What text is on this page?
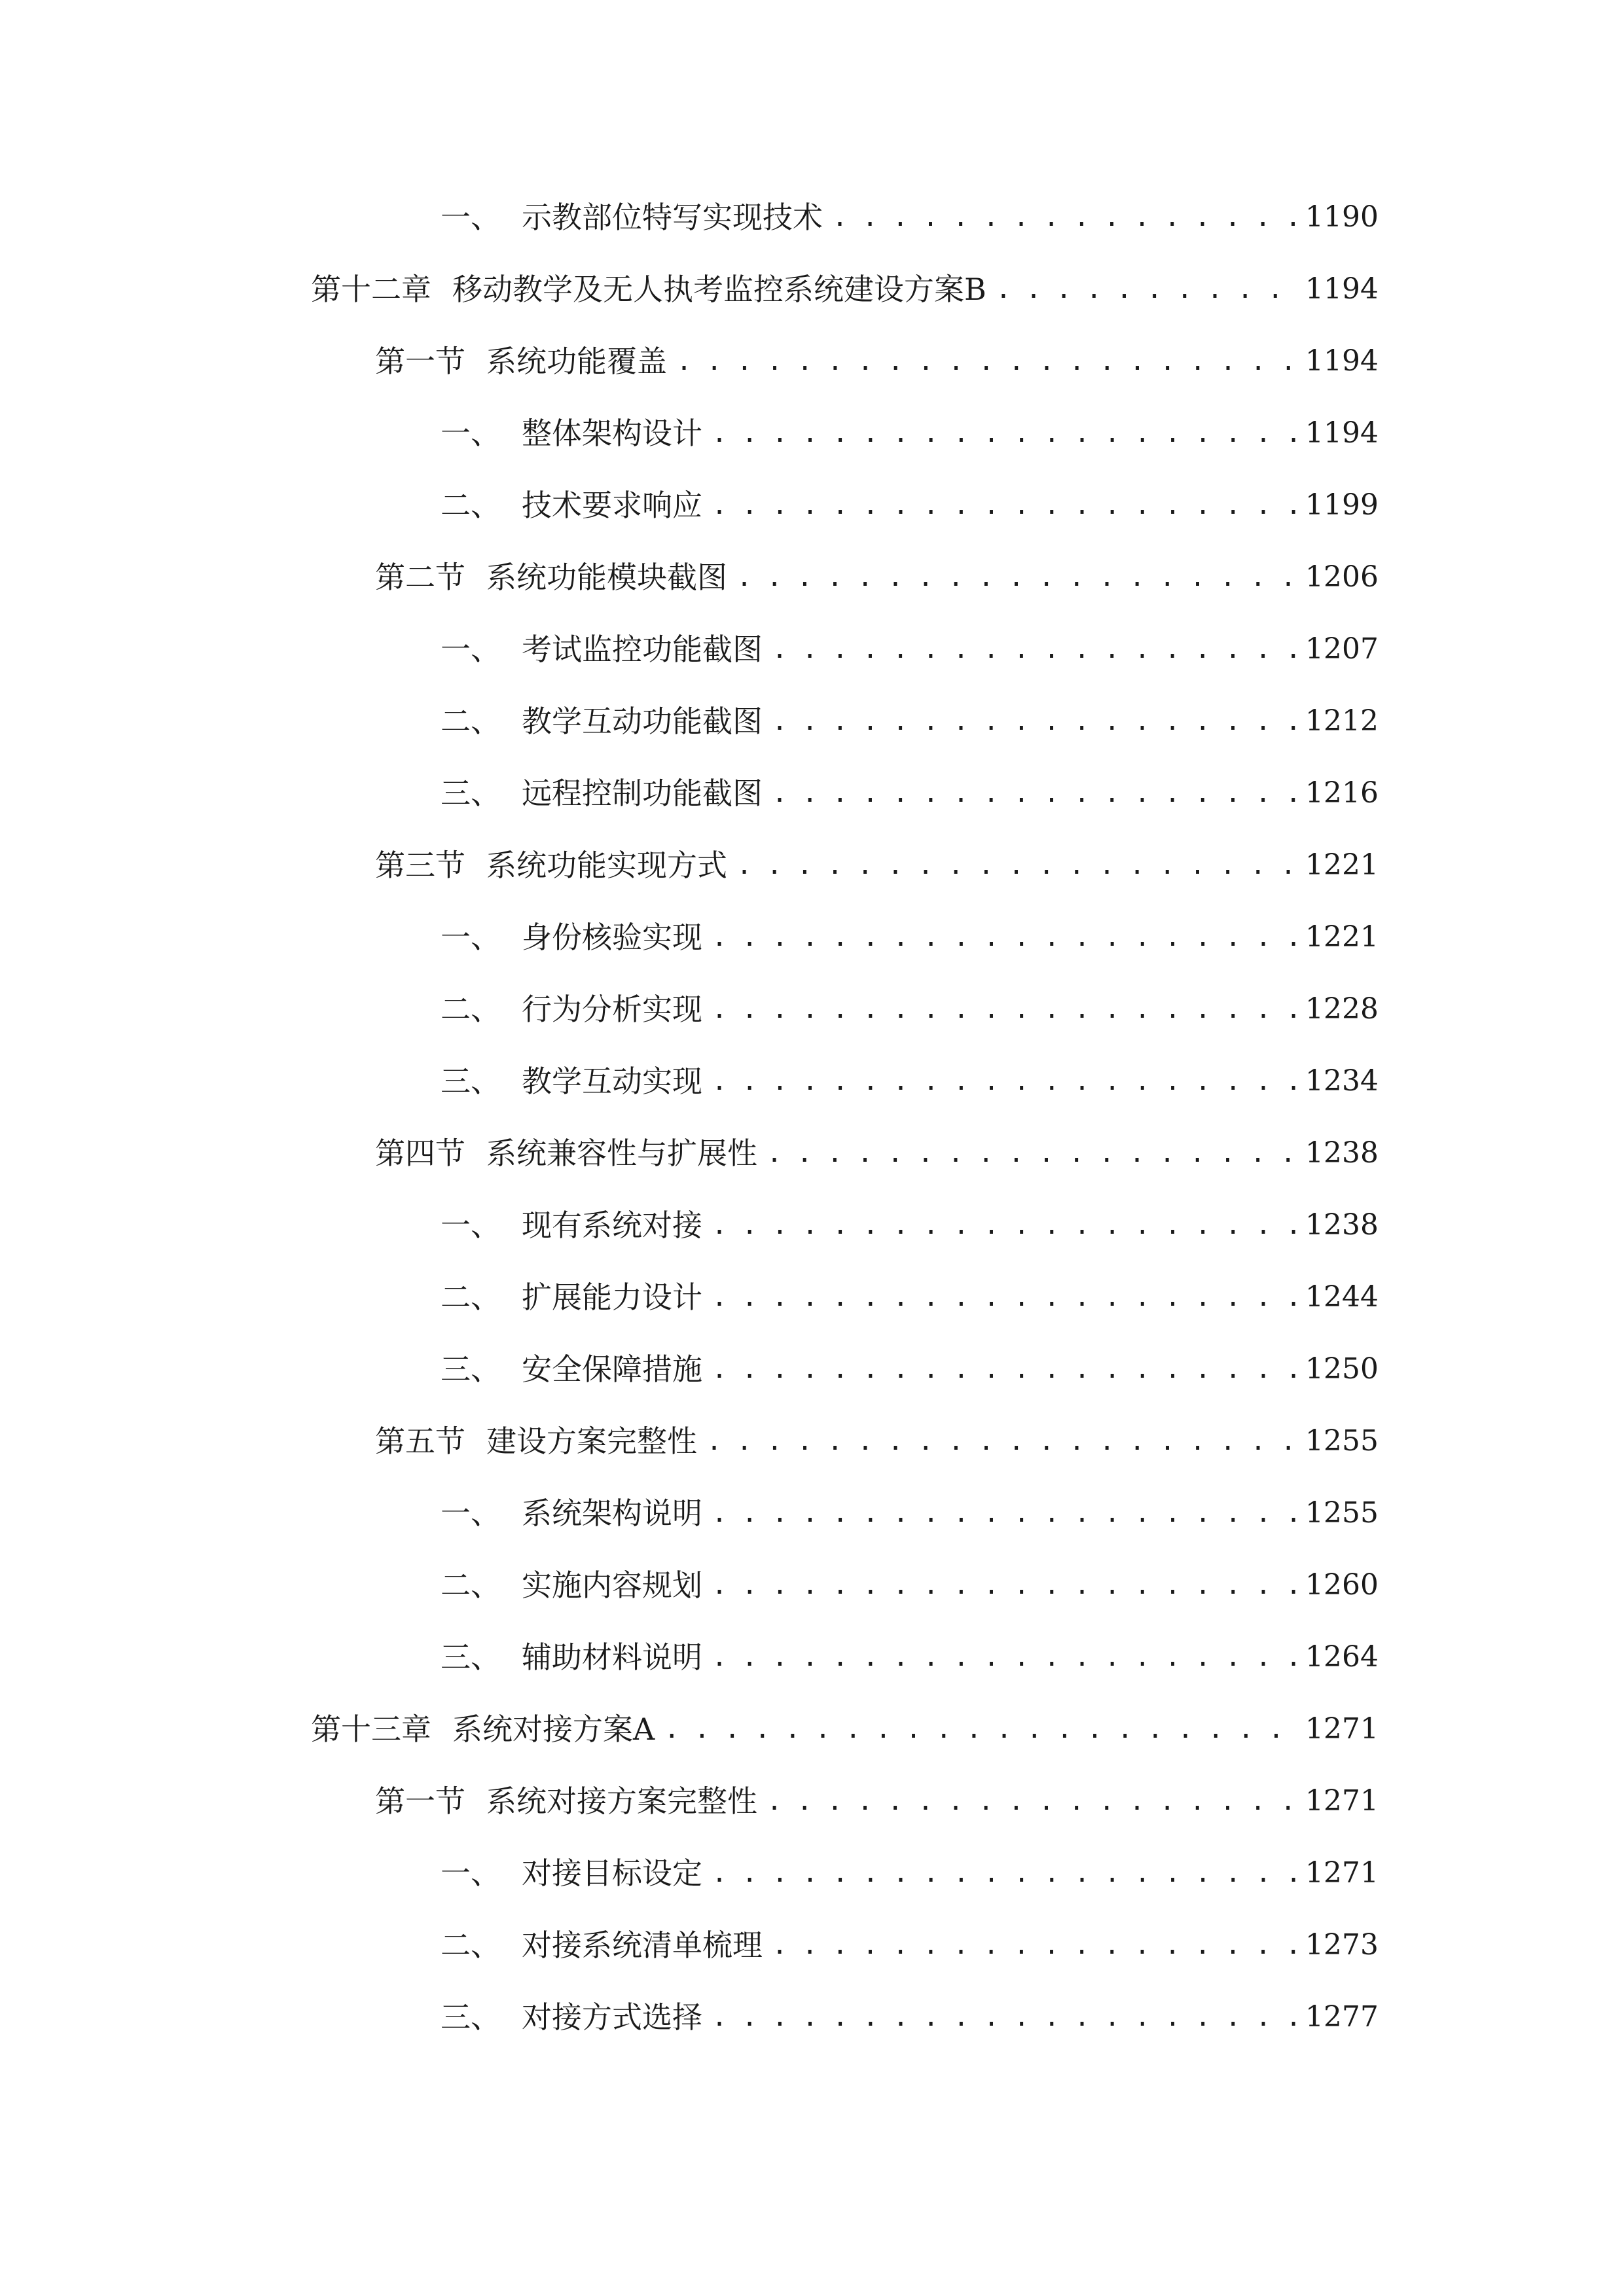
一、 示教部位特写实现技术 . . .	1190
第十二章 移动教学及无人执考监控系统建设方案B . . .	1194
第一节 系统功能覆盖 . . .	1194
一、 整体架构设计 . . .	1194
二、 技术要求响应 . . .	1199
第二节 系统功能模块截图 . . .	1206
一、 考试监控功能截图 . . .	1207
二、 教学互动功能截图 . . .	1212
三、 远程控制功能截图 . . .	1216
第三节 系统功能实现方式 . . .	1221
一、 身份核验实现 . . .	1221
二、 行为分析实现 . . .	1228
三、 教学互动实现 . . .	1234
第四节 系统兼容性与扩展性 . . .	1238
一、 现有系统对接 . . .	1238
二、 扩展能力设计 . . .	1244
三、 安全保障措施 . . .	1250
第五节 建设方案完整性 . . .	1255
一、 系统架构说明 . . .	1255
二、 实施内容规划 . . .	1260
三、 辅助材料说明 . . .	1264
第十三章 系统对接方案A . . .	1271
第一节 系统对接方案完整性 . . .	1271
一、 对接目标设定 . . .	1271
二、 对接系统清单梳理 . . .	1273
三、 对接方式选择 . . .	1277
